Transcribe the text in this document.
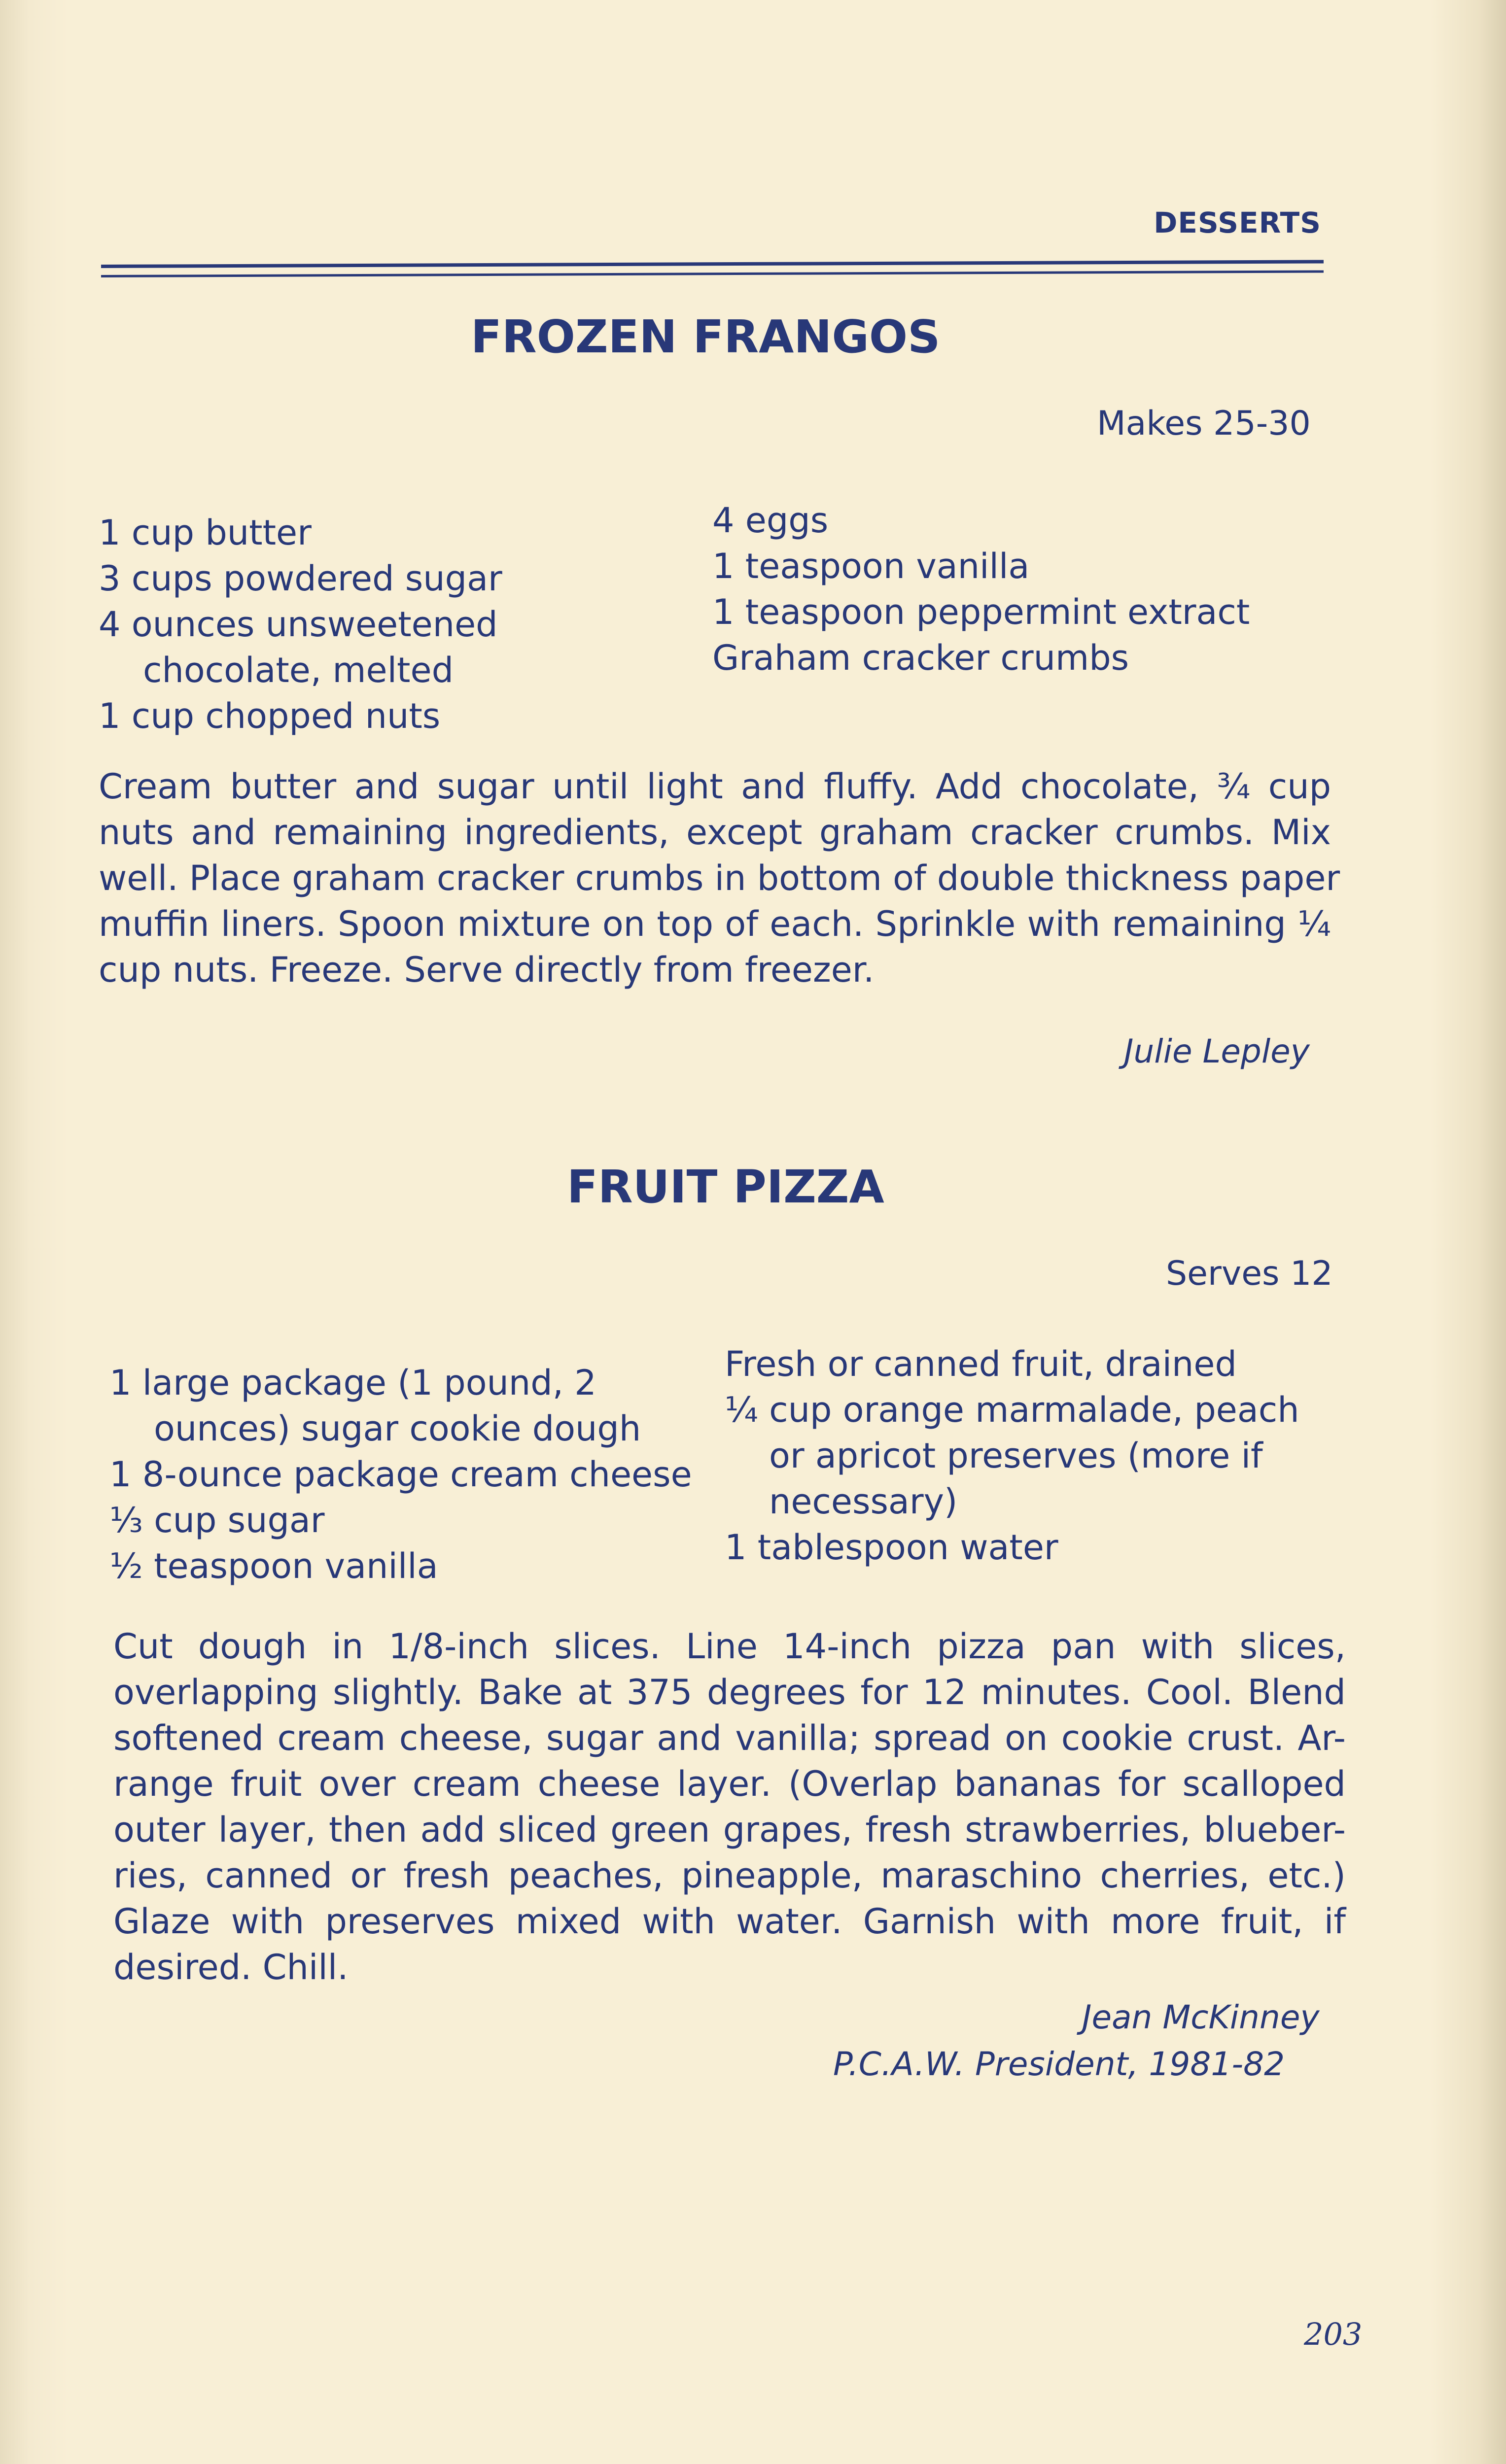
DESSERTS
FROZEN FRANGOS
Makes 25-30
1 cup butter
3 cups powdered sugar
4 ounces unsweetened
chocolate, melted
1 cup chopped nuts
4 eggs
1 teaspoon vanilla
1 teaspoon peppermint extract
Graham cracker crumbs
Cream butter and sugar until light and fluffy. Add chocolate, ¾ cup
nuts and remaining ingredients, except graham cracker crumbs. Mix
well. Place graham cracker crumbs in bottom of double thickness paper
muffin liners. Spoon mixture on top of each. Sprinkle with remaining ¼
cup nuts. Freeze. Serve directly from freezer.
Julie Lepley
FRUIT PIZZA
Serves 12
1 large package (1 pound, 2
ounces) sugar cookie dough
1 8-ounce package cream cheese
⅓ cup sugar
½ teaspoon vanilla
Fresh or canned fruit, drained
¼ cup orange marmalade, peach
or apricot preserves (more if
necessary)
1 tablespoon water
Cut dough in 1/8-inch slices. Line 14-inch pizza pan with slices,
overlapping slightly. Bake at 375 degrees for 12 minutes. Cool. Blend
softened cream cheese, sugar and vanilla; spread on cookie crust. Ar-
range fruit over cream cheese layer. (Overlap bananas for scalloped
outer layer, then add sliced green grapes, fresh strawberries, blueber-
ries, canned or fresh peaches, pineapple, maraschino cherries, etc.)
Glaze with preserves mixed with water. Garnish with more fruit, if
desired. Chill.
Jean McKinney
P.C.A.W. President, 1981-82
203
